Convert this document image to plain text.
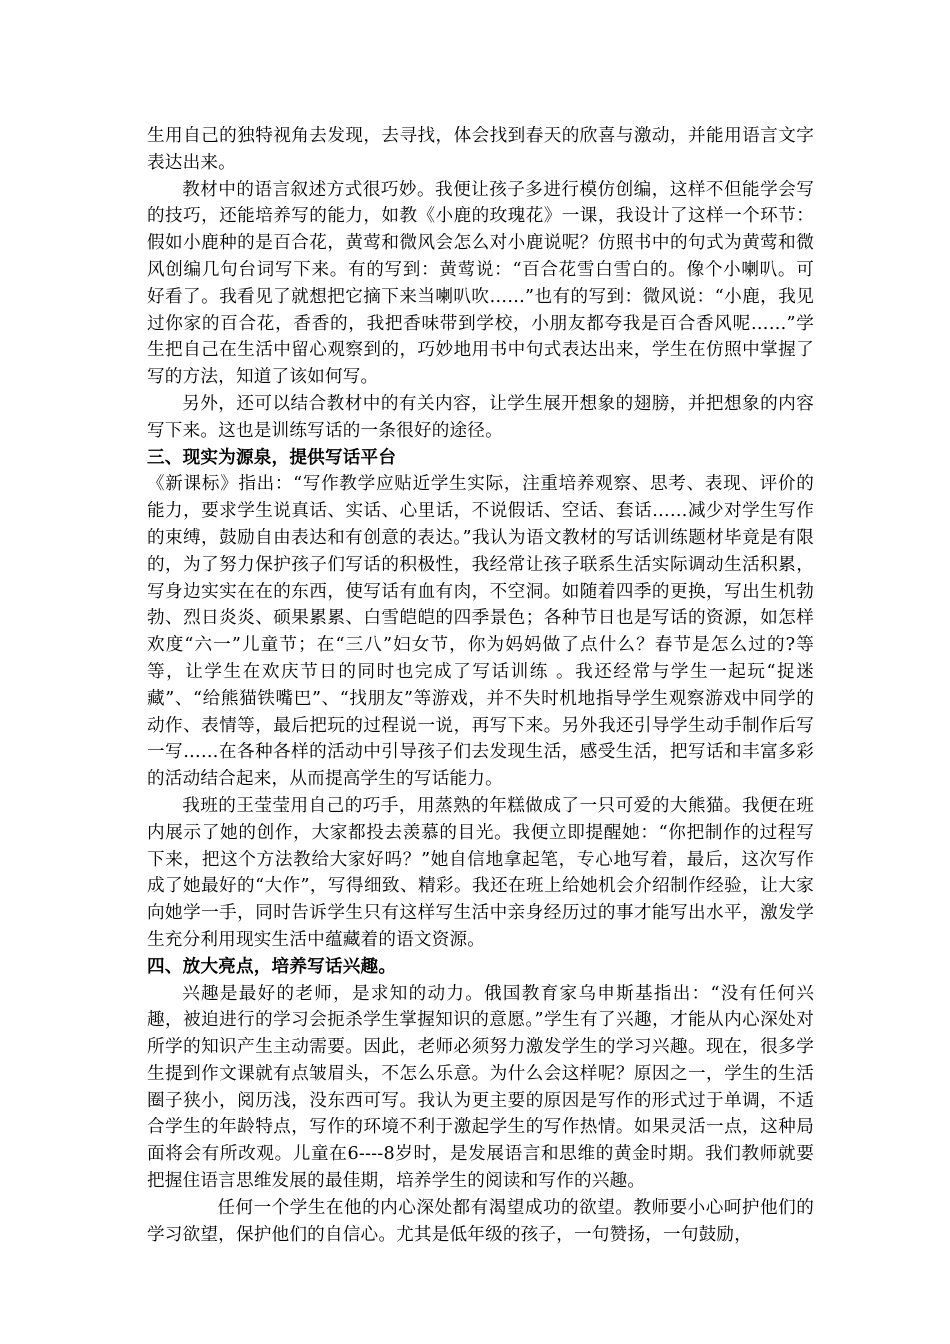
生用自己的独特视角去发现，去寻找，体会找到春天的欣喜与激动，并能用语言文字表达出来。

教材中的语言叙述方式很巧妙。我便让孩子多进行模仿创编，这样不但能学会写的技巧，还能培养写的能力，如教《小鹿的玫瑰花》一课，我设计了这样一个环节：假如小鹿种的是百合花，黄莺和微风会怎么对小鹿说呢？仿照书中的句式为黄莺和微风创编几句台词写下来。有的写到：黄莺说：“百合花雪白雪白的。像个小喇叭。可好看了。我看见了就想把它摘下来当喇叭吹……”也有的写到：微风说：“小鹿，我见过你家的百合花，香香的，我把香味带到学校，小朋友都夸我是百合香风呢……”学生把自己在生活中留心观察到的，巧妙地用书中句式表达出来，学生在仿照中掌握了写的方法，知道了该如何写。

另外，还可以结合教材中的有关内容，让学生展开想象的翅膀，并把想象的内容写下来。这也是训练写话的一条很好的途径。

三、现实为源泉，提供写话平台

《新课标》指出：“写作教学应贴近学生实际，注重培养观察、思考、表现、评价的能力，要求学生说真话、实话、心里话，不说假话、空话、套话……减少对学生写作的束缚，鼓励自由表达和有创意的表达。”我认为语文教材的写话训练题材毕竟是有限的，为了努力保护孩子们写话的积极性，我经常让孩子联系生活实际调动生活积累，写身边实实在在的东西，使写话有血有肉，不空洞。如随着四季的更换，写出生机勃勃、烈日炎炎、硕果累累、白雪皑皑的四季景色；各种节日也是写话的资源，如怎样欢度“六一”儿童节；在“三八”妇女节，你为妈妈做了点什么？春节是怎么过的?等等，让学生在欢庆节日的同时也完成了写话训练 。我还经常与学生一起玩“捉迷藏”、“给熊猫铁嘴巴”、“找朋友”等游戏，并不失时机地指导学生观察游戏中同学的动作、表情等，最后把玩的过程说一说，再写下来。另外我还引导学生动手制作后写一写……在各种各样的活动中引导孩子们去发现生活，感受生活，把写话和丰富多彩的活动结合起来，从而提高学生的写话能力。

我班的王莹莹用自己的巧手，用蒸熟的年糕做成了一只可爱的大熊猫。我便在班内展示了她的创作，大家都投去羡慕的目光。我便立即提醒她：“你把制作的过程写下来，把这个方法教给大家好吗？”她自信地拿起笔，专心地写着，最后，这次写作成了她最好的“大作”，写得细致、精彩。我还在班上给她机会介绍制作经验，让大家向她学一手，同时告诉学生只有这样写生活中亲身经历过的事才能写出水平，激发学生充分利用现实生活中蕴藏着的语文资源。

四、放大亮点，培养写话兴趣。

兴趣是最好的老师，是求知的动力。俄国教育家乌申斯基指出：“没有任何兴趣，被迫进行的学习会扼杀学生掌握知识的意愿。”学生有了兴趣，才能从内心深处对所学的知识产生主动需要。因此，老师必须努力激发学生的学习兴趣。现在，很多学生提到作文课就有点皱眉头，不怎么乐意。为什么会这样呢？原因之一，学生的生活圈子狭小，阅历浅，没东西可写。我认为更主要的原因是写作的形式过于单调，不适合学生的年龄特点，写作的环境不利于激起学生的写作热情。如果灵活一点，这种局面将会有所改观。儿童在6----8岁时，是发展语言和思维的黄金时期。我们教师就要把握住语言思维发展的最佳期，培养学生的阅读和写作的兴趣。

任何一个学生在他的内心深处都有渴望成功的欲望。教师要小心呵护他们的学习欲望，保护他们的自信心。尤其是低年级的孩子，一句赞扬，一句鼓励，
